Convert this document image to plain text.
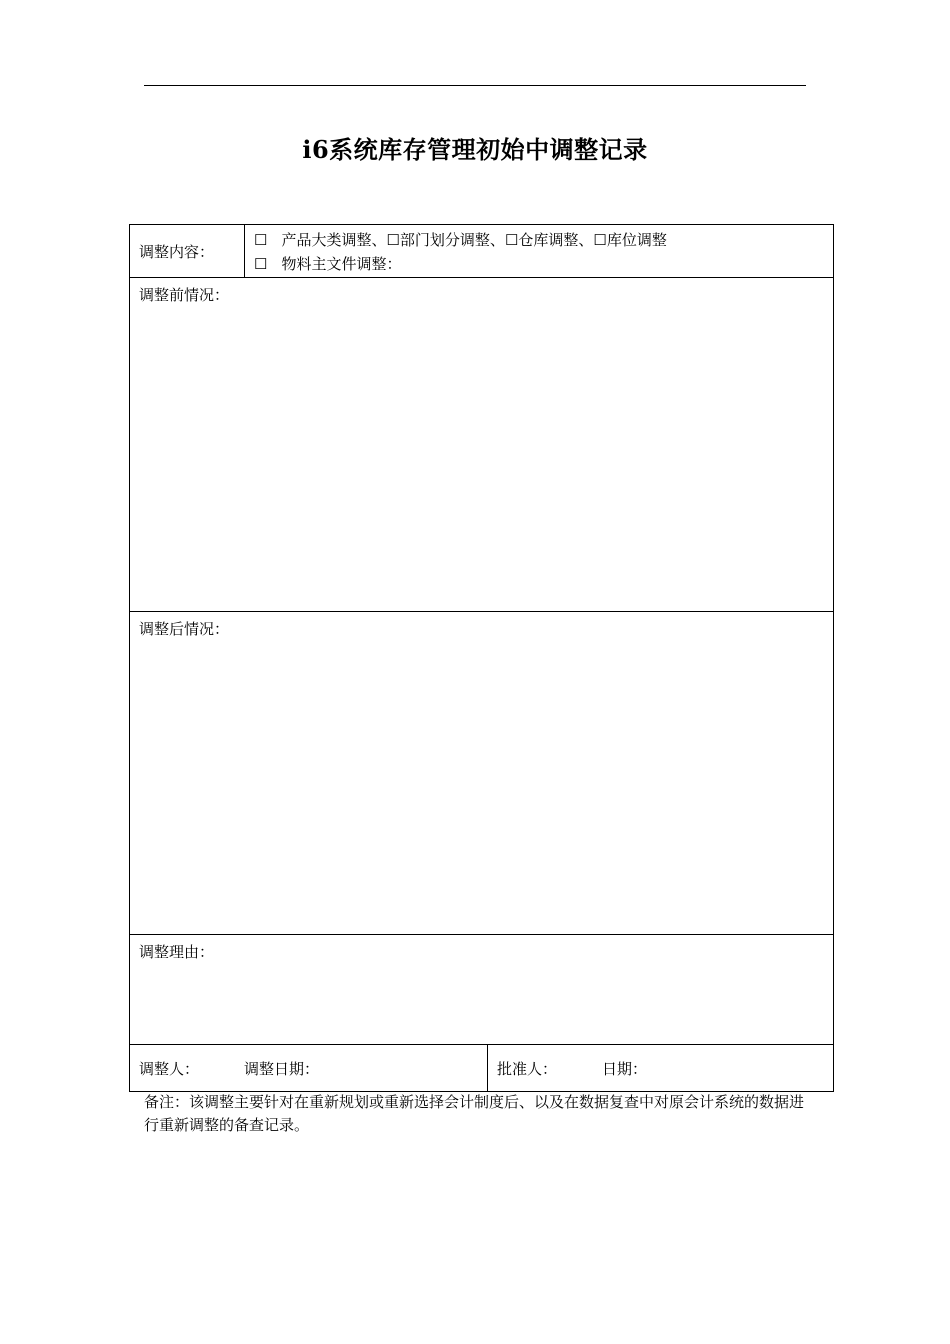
i6系统库存管理初始中调整记录
调整内容：	☐ 产品大类调整、☐部门划分调整、☐仓库调整、☐库位调整
☐ 物料主文件调整：	

调整前情况：		

调整后情况：		

调整理由：		

调整人： 调整日期：		批准人： 日期：
备注：该调整主要针对在重新规划或重新选择会计制度后、以及在数据复查中对原会计系统的数据进行重新调整的备查记录。
